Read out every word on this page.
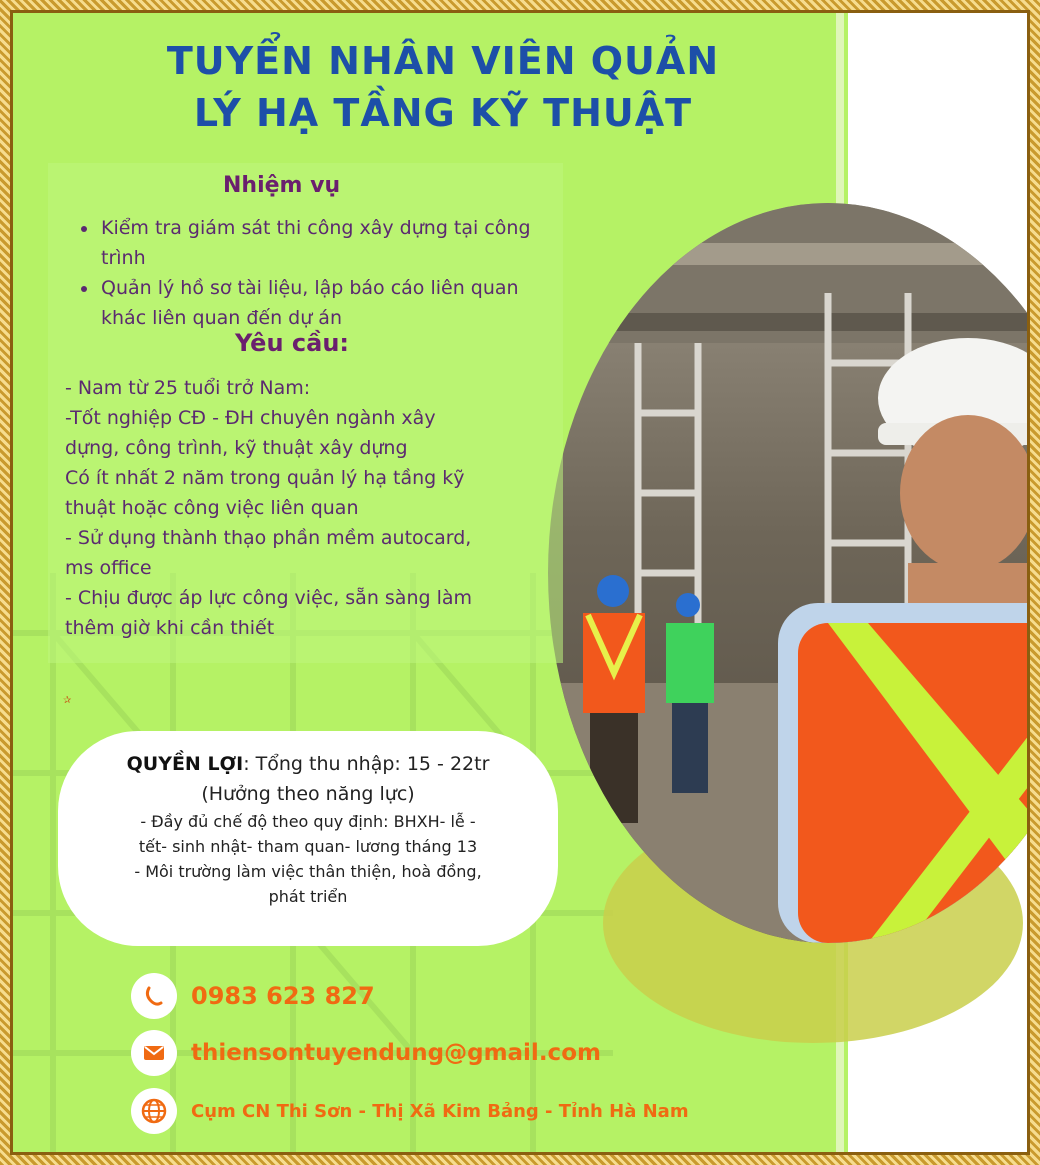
TUYỂN NHÂN VIÊN QUẢN
LÝ HẠ TẦNG KỸ THUẬT
Nhiệm vụ
Kiểm tra giám sát thi công xây dựng tại công trình
Quản lý hồ sơ tài liệu, lập báo cáo liên quan khác liên quan đến dự án
Yêu cầu:
- Nam từ 25 tuổi trở Nam:
-Tốt nghiệp CĐ - ĐH chuyên ngành xây
dựng, công trình, kỹ thuật xây dựng
Có ít nhất 2 năm trong quản lý hạ tầng kỹ
thuật hoặc công việc liên quan
- Sử dụng thành thạo phần mềm autocard,
ms office
- Chịu được áp lực công việc, sẵn sàng làm
thêm giờ khi cần thiết
✰
QUYỀN LỢI: Tổng thu nhập: 15 - 22tr
(Hưởng theo năng lực)
- Đầy đủ chế độ theo quy định: BHXH- lễ -
tết- sinh nhật- tham quan- lương tháng 13
- Môi trường làm việc thân thiện, hoà đồng,
phát triển
0983 623 827
thiensontuyendung@gmail.com
Cụm CN Thi Sơn - Thị Xã Kim Bảng - Tỉnh Hà Nam
